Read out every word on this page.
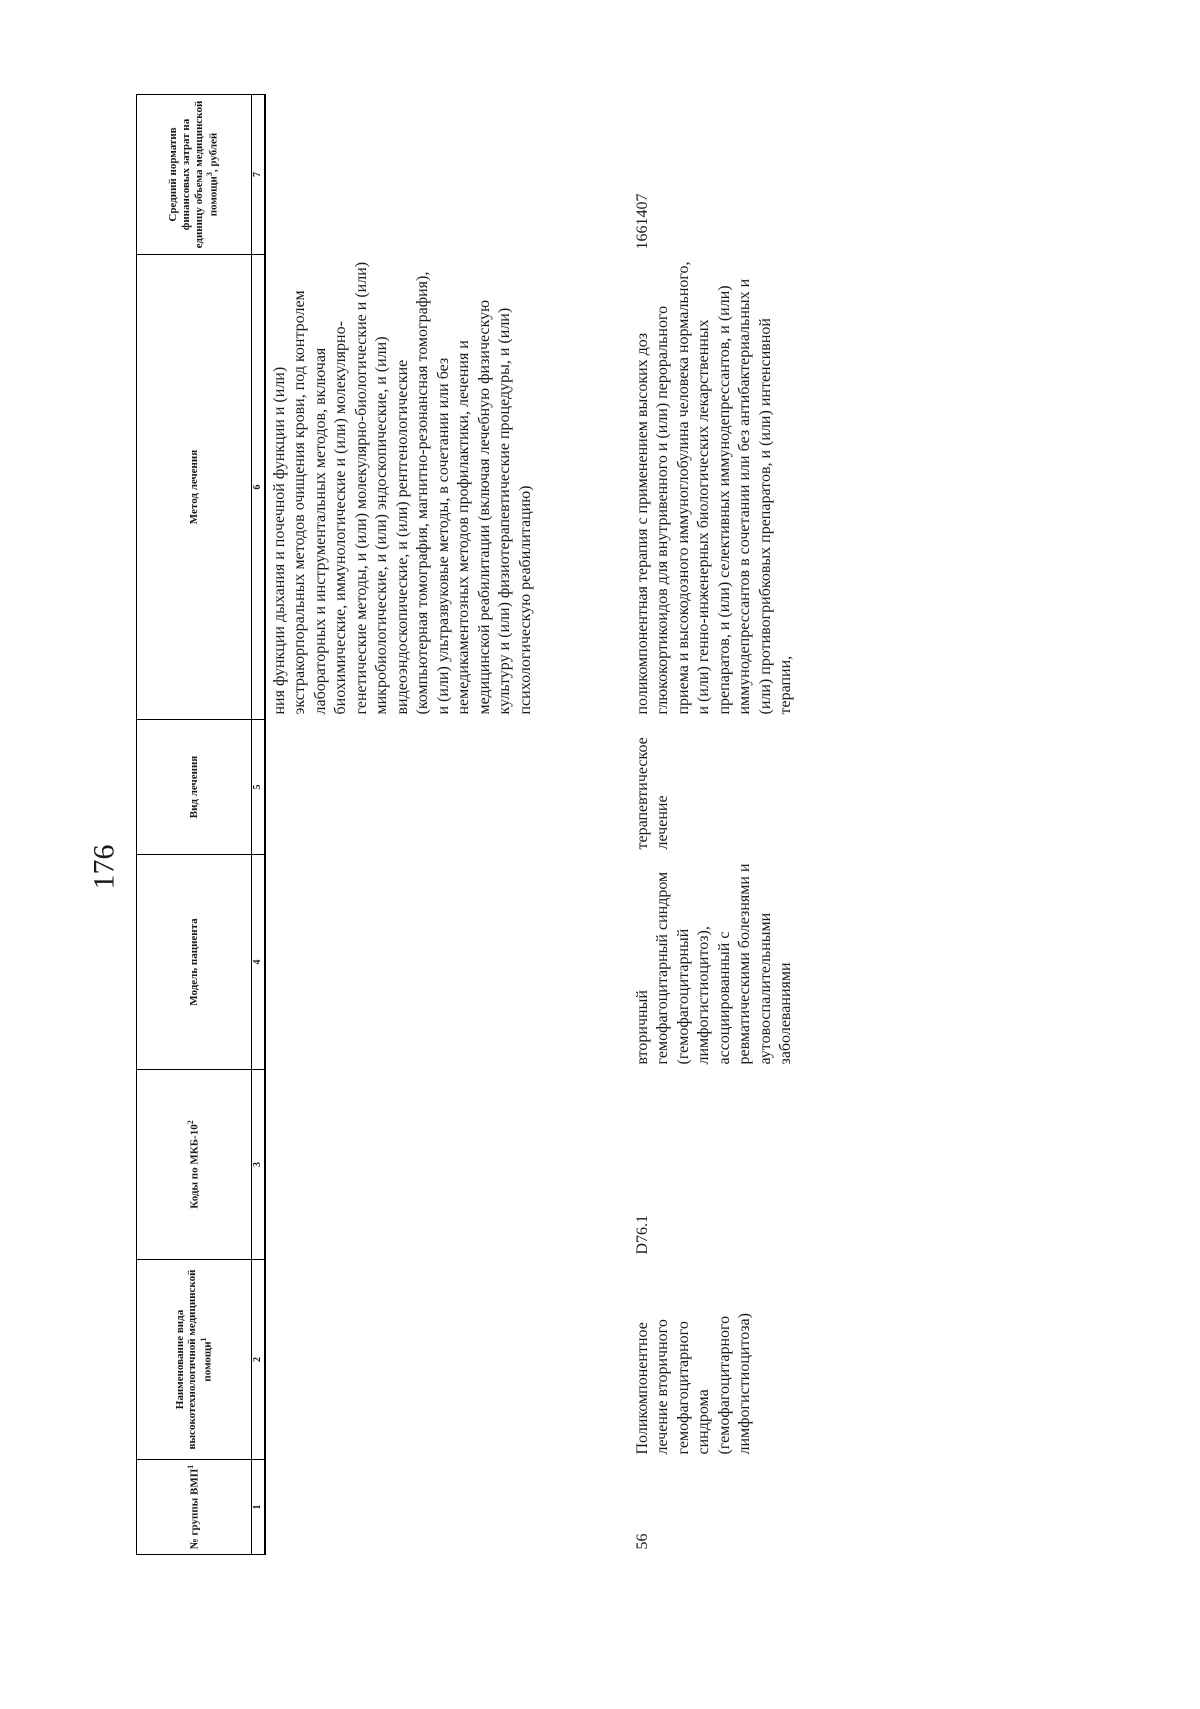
176
№ группы ВМП$^1$	Наименование вида высокотехнологичной медицинской помощи$^1$	Коды по МКБ-$10^2$	Модель пациента	Вид лечения	Метод лечения	Средний норматив финансовых затрат на единицу объема медицинской помощи$^3$, рублей
1	2	3	4	5	6	7

					ния функции дыхания и почечной функции и (или) экстракорпоральных методов очищения крови, под контролем лабораторных и инструментальных методов, включая биохимические, иммунологические и (или) молекулярно-генетические методы, и (или) молекулярно-биологические и (или) микробиологические, и (или) эндоскопические, и (или) видеоэндоскопические, и (или) рентгенологические (компьютерная томография, магнитно-резонансная томография), и (или) ультразвуковые методы, в сочетании или без немедикаментозных методов профилактики, лечения и медицинской реабилитации (включая лечебную физическую культуру и (или) физиотерапевтические процедуры, и (или) психологическую реабилитацию)	

56	Поликомпонентное лечение вторичного гемофагоцитарного синдрома (гемофагоцитарного лимфогистиоцитоза)	D76.1	вторичный гемофагоцитарный синдром (гемофагоцитарный лимфогистиоцитоз), ассоциированный с ревматическими болезнями и аутовоспалительными заболеваниями	терапевтическое лечение	поликомпонентная терапия с применением высоких доз глюкокортикоидов для внутривенного и (или) перорального приема и высокодозного иммуноглобулина человека нормального, и (или) генно-инженерных биологических лекарственных препаратов, и (или) селективных иммунодепрессантов, и (или) иммунодепрессантов в сочетании или без антибактериальных и (или) противогрибковых препаратов, и (или) интенсивной терапии,	1661407
